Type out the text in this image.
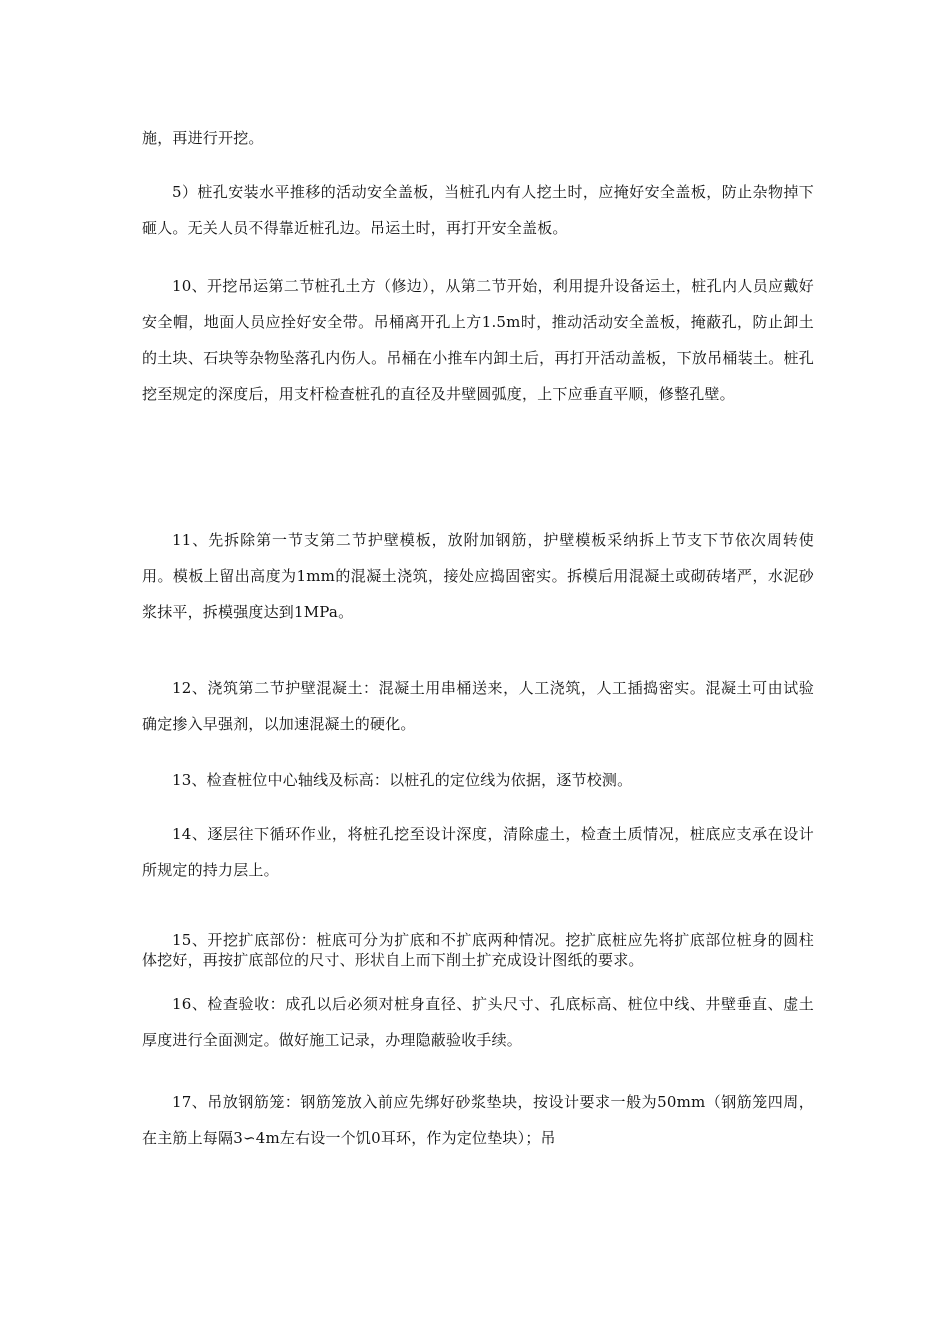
施，再进行开挖。

5）桩孔安装水平推移的活动安全盖板，当桩孔内有人挖土时，应掩好安全盖板，防止杂物掉下砸人。无关人员不得靠近桩孔边。吊运土时，再打开安全盖板。

10、开挖吊运第二节桩孔土方（修边），从第二节开始，利用提升设备运土，桩孔内人员应戴好安全帽，地面人员应拴好安全带。吊桶离开孔上方1.5m时，推动活动安全盖板，掩蔽孔，防止卸土的土块、石块等杂物坠落孔内伤人。吊桶在小推车内卸土后，再打开活动盖板，下放吊桶装土。桩孔挖至规定的深度后，用支杆检查桩孔的直径及井壁圆弧度，上下应垂直平顺，修整孔壁。

11、先拆除第一节支第二节护壁模板，放附加钢筋，护壁模板采纳拆上节支下节依次周转使用。模板上留出高度为1mm的混凝土浇筑，接处应捣固密实。拆模后用混凝土或砌砖堵严，水泥砂浆抹平，拆模强度达到1MPa。

12、浇筑第二节护壁混凝土：混凝土用串桶送来，人工浇筑，人工插捣密实。混凝土可由试验确定掺入早强剂，以加速混凝土的硬化。

13、检查桩位中心轴线及标高：以桩孔的定位线为依据，逐节校测。

14、逐层往下循环作业，将桩孔挖至设计深度，清除虚土，检查土质情况，桩底应支承在设计所规定的持力层上。

15、开挖扩底部份：桩底可分为扩底和不扩底两种情况。挖扩底桩应先将扩底部位桩身的圆柱体挖好，再按扩底部位的尺寸、形状自上而下削土扩充成设计图纸的要求。

16、检查验收：成孔以后必须对桩身直径、扩头尺寸、孔底标高、桩位中线、井壁垂直、虚土厚度进行全面测定。做好施工记录，办理隐蔽验收手续。

17、吊放钢筋笼：钢筋笼放入前应先绑好砂浆垫块，按设计要求一般为50mm（钢筋笼四周，在主筋上每隔3∽4m左右设一个饥0耳环，作为定位垫块）；吊
